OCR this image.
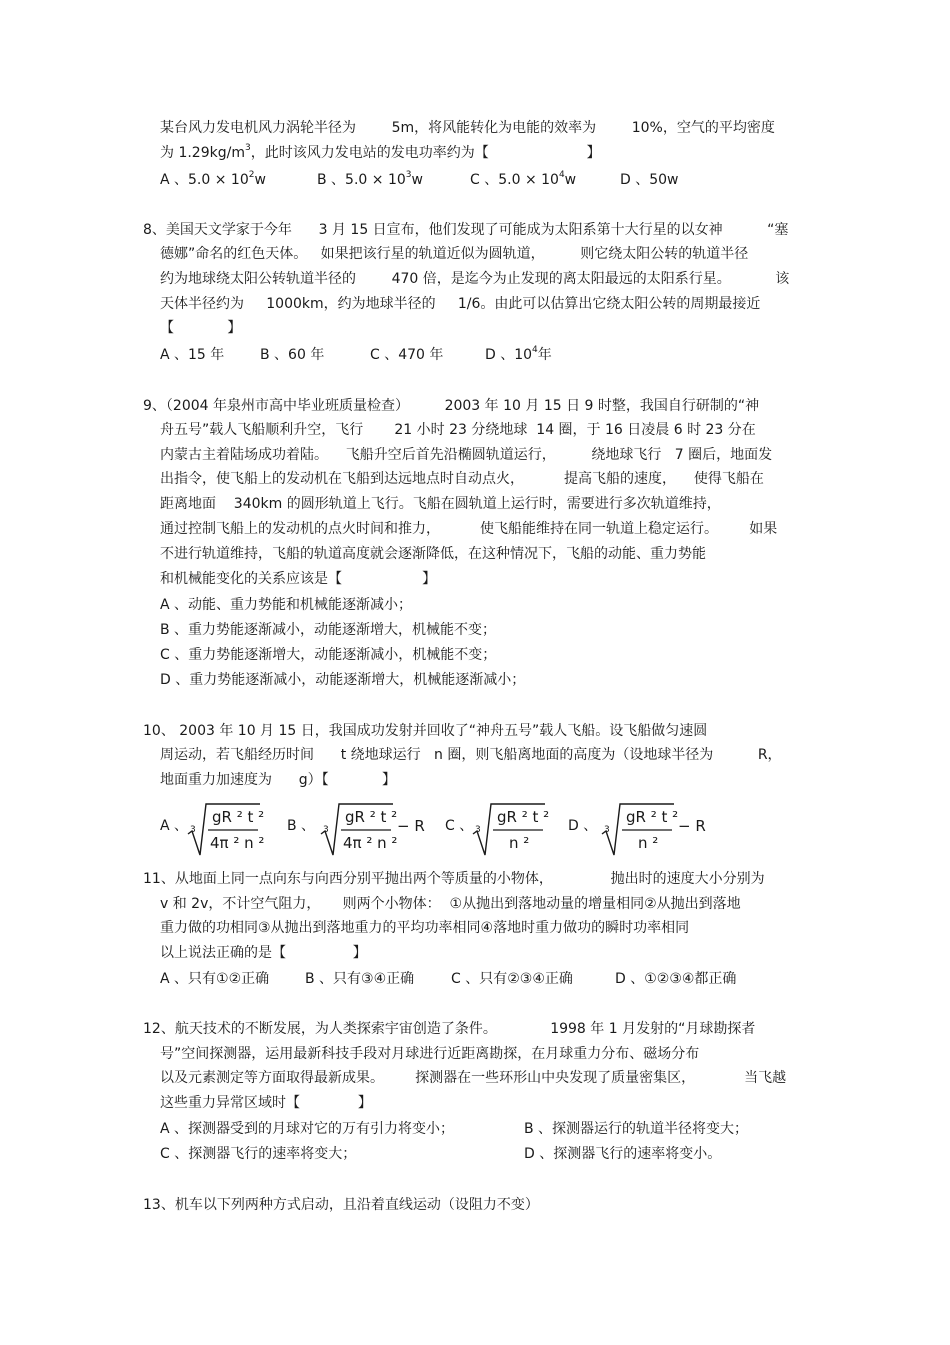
某台风力发电机风力涡轮半径为        5m，将风能转化为电能的效率为        10%，空气的平均密度
为 $1.29kg/m^3$，此时该风力发电站的发电功率约为【                      】
A 、$5.0 \times 10^2w$	B 、$5.0 \times 10^3w$	C 、$5.0 \times 10^4w$	D 、50w
8、美国天文学家于今年      3 月 15 日宣布，他们发现了可能成为太阳系第十大行星的以女神          “塞
德娜”命名的红色天体。   如果把该行星的轨道近似为圆轨道，        则它绕太阳公转的轨道半径
约为地球绕太阳公转轨道半径的        470 倍，是迄今为止发现的离太阳最远的太阳系行星。          该
天体半径约为     1000km，约为地球半径的     1/6。由此可以估算出它绕太阳公转的周期最接近
【            】
A 、15 年	B 、60 年	C 、470 年	D 、$10^4$年
9、（2004 年泉州市高中毕业班质量检查）        2003 年 10 月 15 日 9 时整，我国自行研制的“神
舟五号”载人飞船顺利升空，飞行       21 小时 23 分绕地球  14 圈，于 16 日凌晨 6 时 23 分在
内蒙古主着陆场成功着陆。    飞船升空后首先沿椭圆轨道运行，        绕地球飞行   7 圈后，地面发
出指令，使飞船上的发动机在飞船到达远地点时自动点火，         提高飞船的速度，    使得飞船在
距离地面    340km 的圆形轨道上飞行。飞船在圆轨道上运行时，需要进行多次轨道维持，
通过控制飞船上的发动机的点火时间和推力，         使飞船能维持在同一轨道上稳定运行。       如果
不进行轨道维持，飞船的轨道高度就会逐渐降低，在这种情况下，飞船的动能、重力势能
和机械能变化的关系应该是【                  】
A 、动能、重力势能和机械能逐渐减小；
B 、重力势能逐渐减小，动能逐渐增大，机械能不变；
C 、重力势能逐渐增大，动能逐渐减小，机械能不变；
D 、重力势能逐渐减小，动能逐渐增大，机械能逐渐减小；
10、 2003 年 10 月 15 日，我国成功发射并回收了“神舟五号”载人飞船。设飞船做匀速圆
周运动，若飞船经历时间      t 绕地球运行   n 圈，则飞船离地面的高度为（设地球半径为          R，
地面重力加速度为      g）【            】
A 、 3
gR ² t ²
4π ² n ²
B 、 3
gR ² t ²
4π ² n ²
− R C 、 3
gR ² t ²
n ²
D 、 3
gR ² t ²
n ²
− R
11、从地面上同一点向东与向西分别平抛出两个等质量的小物体，             抛出时的速度大小分别为
v 和 2v，不计空气阻力，     则两个小物体：  ①从抛出到落地动量的增量相同②从抛出到落地
重力做的功相同③从抛出到落地重力的平均功率相同④落地时重力做功的瞬时功率相同
以上说法正确的是【               】
A 、只有①②正确	B 、只有③④正确	C 、只有②③④正确	D 、①②③④都正确
12、航天技术的不断发展，为人类探索宇宙创造了条件。            1998 年 1 月发射的“月球勘探者
号”空间探测器，运用最新科技手段对月球进行近距离勘探，在月球重力分布、磁场分布
以及元素测定等方面取得最新成果。       探测器在一些环形山中央发现了质量密集区，           当飞越
这些重力异常区域时【             】
A 、探测器受到的月球对它的万有引力将变小；	B 、探测器运行的轨道半径将变大；
C 、探测器飞行的速率将变大；	D 、探测器飞行的速率将变小。
13、机车以下列两种方式启动，且沿着直线运动（设阻力不变）
